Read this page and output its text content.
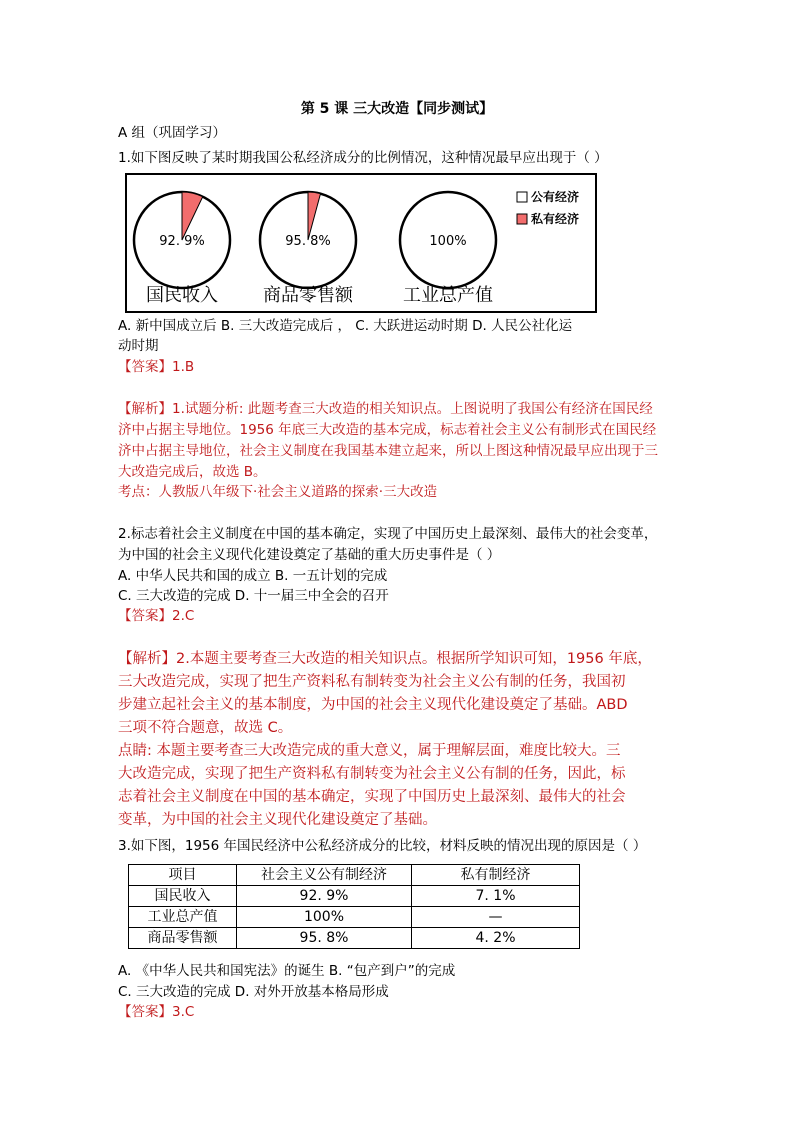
第 5 课 三大改造【同步测试】
A 组（巩固学习）
1.如下图反映了某时期我国公私经济成分的比例情况，这种情况最早应出现于（ ）
92. 9%
国民收入
95. 8%
商品零售额
100%
工业总产值
公有经济
私有经济
A. 新中国成立后 B. 三大改造完成后 ， C. 大跃进运动时期 D. 人民公社化运
动时期
【答案】1.B
【解析】1.试题分析: 此题考查三大改造的相关知识点。上图说明了我国公有经济在国民经
济中占据主导地位。1956 年底三大改造的基本完成，标志着社会主义公有制形式在国民经
济中占据主导地位，社会主义制度在我国基本建立起来，所以上图这种情况最早应出现于三
大改造完成后，故选 B。
考点：人教版八年级下·社会主义道路的探索·三大改造
2.标志着社会主义制度在中国的基本确定，实现了中国历史上最深刻、最伟大的社会变革，
为中国的社会主义现代化建设奠定了基础的重大历史事件是（ ）
A. 中华人民共和国的成立 B. 一五计划的完成
C. 三大改造的完成 D. 十一届三中全会的召开
【答案】2.C
【解析】2.本题主要考查三大改造的相关知识点。根据所学知识可知，1956 年底，
三大改造完成，实现了把生产资料私有制转变为社会主义公有制的任务，我国初
步建立起社会主义的基本制度，为中国的社会主义现代化建设奠定了基础。ABD
三项不符合题意，故选 C。
点睛: 本题主要考查三大改造完成的重大意义，属于理解层面，难度比较大。三
大改造完成，实现了把生产资料私有制转变为社会主义公有制的任务，因此，标
志着社会主义制度在中国的基本确定，实现了中国历史上最深刻、最伟大的社会
变革，为中国的社会主义现代化建设奠定了基础。
3.如下图，1956 年国民经济中公私经济成分的比较，材料反映的情况出现的原因是（ ）
项目	社会主义公有制经济	私有制经济
国民收入	92. 9%	7. 1%
工业总产值	100%	—
商品零售额	95. 8%	4. 2%
A. 《中华人民共和国宪法》的诞生 B. “包产到户”的完成
C. 三大改造的完成 D. 对外开放基本格局形成
【答案】3.C
